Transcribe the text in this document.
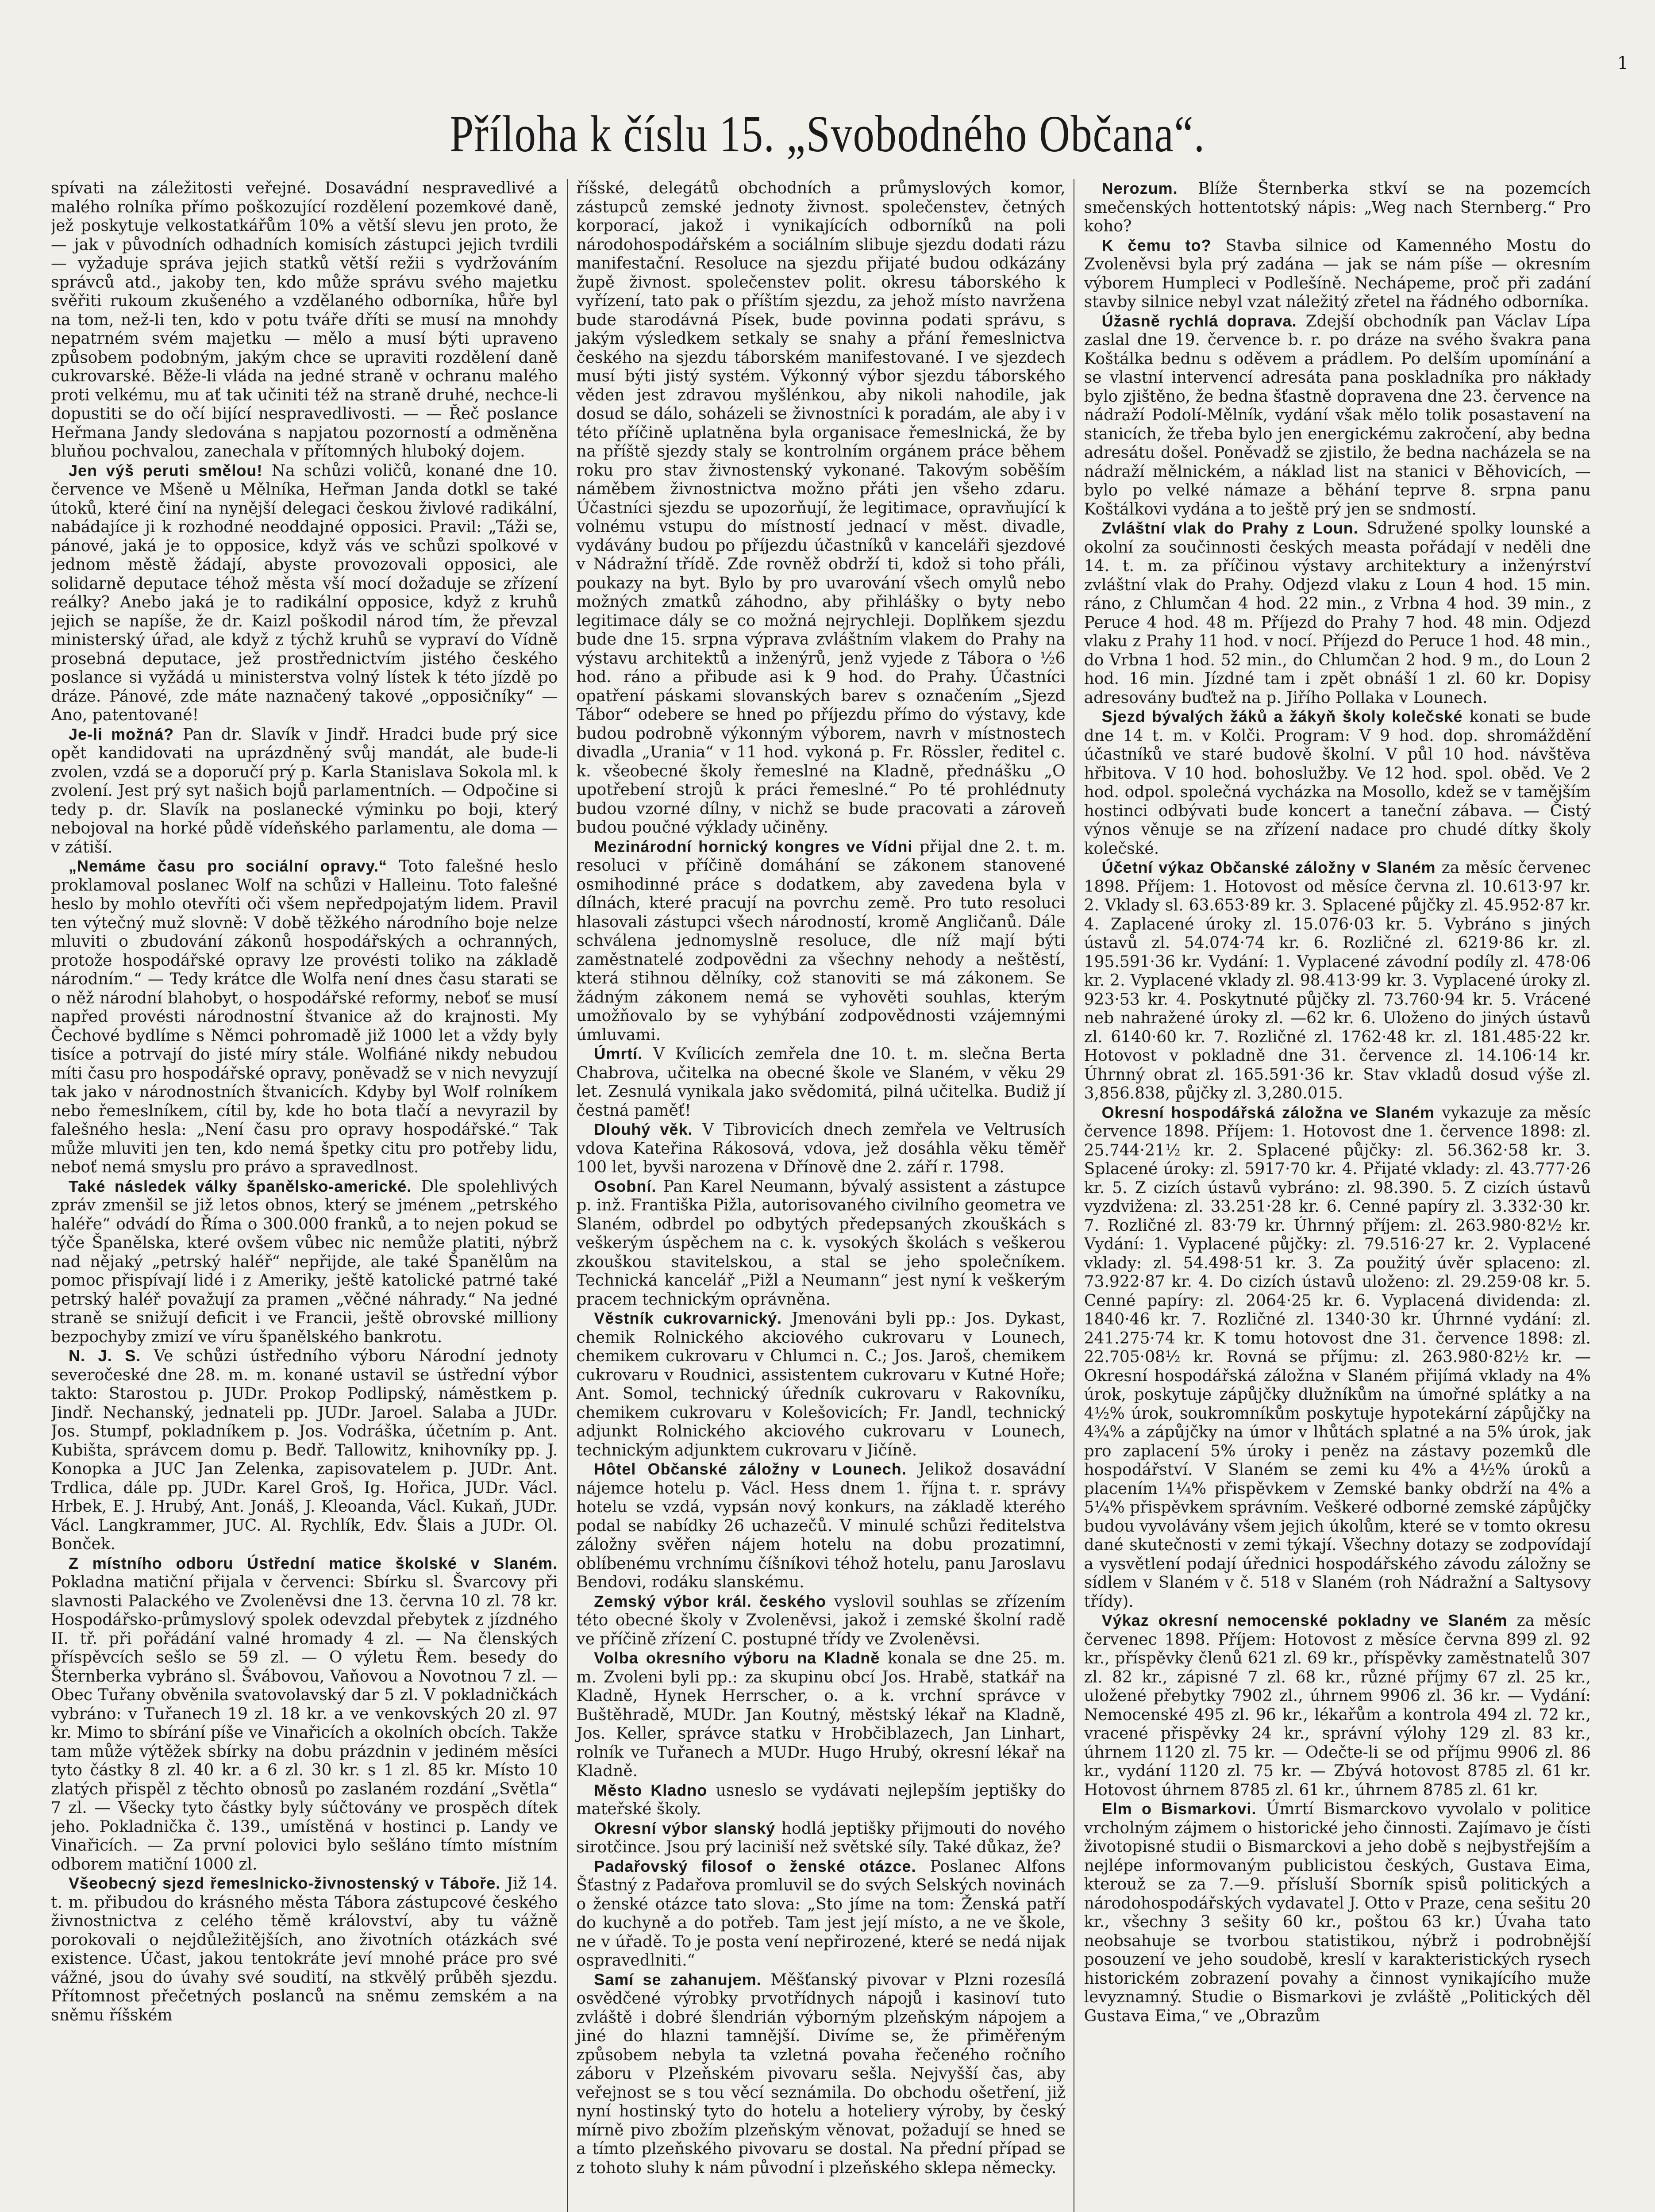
1
Příloha k číslu 15. „Svobodného Občana“.

spívati na záležitosti veřejné. Dosavádní nespravedlivé a malého rolníka přímo poškozující rozdělení pozemkové daně, jež poskytuje velkostatkářům 10% a větší slevu jen proto, že — jak v původních odhadních komisích zástupci jejich tvrdili — vyžaduje správa jejich statků větší režii s vydržováním správců atd., jakoby ten, kdo může správu svého majetku svěřiti rukoum zkušeného a vzdělaného odborníka, hůře byl na tom, než-li ten, kdo v potu tváře dříti se musí na mnohdy nepatrném svém majetku — mělo a musí býti upraveno způsobem podobným, jakým chce se upraviti rozdělení daně cukrovarské. Běže-li vláda na jedné straně v ochranu malého proti velkému, mu ať tak učiniti též na straně druhé, nechce-li dopustiti se do očí bijící nespravedlivosti. — — Řeč poslance Heřmana Jandy sledována s napjatou pozorností a odměněna bluňou pochvalou, zanechala v přítomných hluboký dojem.

Jen výš peruti smělou! Na schůzi voličů, konané dne 10. července ve Mšeně u Mělníka, Heřman Janda dotkl se také útoků, které činí na nynější delegaci českou živlové radikální, nabádajíce ji k rozhodné neoddajné opposici. Pravil: „Táži se, pánové, jaká je to opposice, když vás ve schůzi spolkové v jednom městě žádají, abyste provozovali opposici, ale solidarně deputace téhož města vší mocí dožaduje se zřízení reálky? Anebo jaká je to radikální opposice, když z kruhů jejich se napíše, že dr. Kaizl poškodil národ tím, že převzal ministerský úřad, ale když z týchž kruhů se vypraví do Vídně prosebná deputace, jež prostřednictvím jistého českého poslance si vyžádá u ministerstva volný lístek k této jízdě po dráze. Pánové, zde máte naznačený takové „opposičníky“ — Ano, patentované!

Je-li možná? Pan dr. Slavík v Jindř. Hradci bude prý sice opět kandidovati na uprázdněný svůj mandát, ale bude-li zvolen, vzdá se a doporučí prý p. Karla Stanislava Sokola ml. k zvolení. Jest prý syt našich bojů parlamentních. — Odpočine si tedy p. dr. Slavík na poslanecké výminku po boji, který nebojoval na horké půdě vídeňského parlamentu, ale doma — v zátiší.

„Nemáme času pro sociální opravy.“ Toto falešné heslo proklamoval poslanec Wolf na schůzi v Halleinu. Toto falešné heslo by mohlo otevříti oči všem nepředpojatým lidem. Pravil ten výtečný muž slovně: V době těžkého národního boje nelze mluviti o zbudování zákonů hospodářských a ochranných, protože hospodářské opravy lze provésti toliko na základě národním.“ — Tedy krátce dle Wolfa není dnes času starati se o něž národní blahobyt, o hospodářské reformy, neboť se musí napřed provésti národnostní štvanice až do krajnosti. My Čechové bydlíme s Němci pohromadě již 1000 let a vždy byly tisíce a potrvají do jisté míry stále. Wolfiáné nikdy nebudou míti času pro hospodářské opravy, poněvadž se v nich nevyzují tak jako v národnostních štvanicích. Kdyby byl Wolf rolníkem nebo řemeslníkem, cítil by, kde ho bota tlačí a nevyrazil by falešného hesla: „Není času pro opravy hospodářské.“ Tak může mluviti jen ten, kdo nemá špetky citu pro potřeby lidu, neboť nemá smyslu pro právo a spravedlnost.

Také následek války španělsko-americké. Dle spolehlivých zpráv zmenšil se již letos obnos, který se jménem „petrského haléře“ odvádí do Říma o 300.000 franků, a to nejen pokud se týče Španělska, které ovšem vůbec nic nemůže platiti, nýbrž nad nějaký „petrský haléř“ nepřijde, ale také Španělům na pomoc přispívají lidé i z Ameriky, ještě katolické patrné také petrský haléř považují za pramen „věčné náhrady.“ Na jedné straně se snižují deficit i ve Francii, ještě obrovské milliony bezpochyby zmizí ve víru španělského bankrotu.

N. J. S. Ve schůzi ústředního výboru Národní jednoty severočeské dne 28. m. m. konané ustavil se ústřední výbor takto: Starostou p. JUDr. Prokop Podlipský, náměstkem p. Jindř. Nechanský, jednateli pp. JUDr. Jaroel. Salaba a JUDr. Jos. Stumpf, pokladníkem p. Jos. Vodráška, účetním p. Ant. Kubišta, správcem domu p. Bedř. Tallowitz, knihovníky pp. J. Konopka a JUC Jan Zelenka, zapisovatelem p. JUDr. Ant. Trdlica, dále pp. JUDr. Karel Groš, Ig. Hořica, JUDr. Václ. Hrbek, E. J. Hrubý, Ant. Jonáš, J. Kleoanda, Václ. Kukaň, JUDr. Václ. Langkrammer, JUC. Al. Rychlík, Edv. Šlais a JUDr. Ol. Bonček.

Z místního odboru Ústřední matice školské v Slaném. Pokladna matiční přijala v červenci: Sbírku sl. Švarcovy při slavnosti Palackého ve Zvoleněvsi dne 13. června 10 zl. 78 kr. Hospodářsko-průmyslový spolek odevzdal přebytek z jízdného II. tř. při pořádání valné hromady 4 zl. — Na členských příspěvcích sešlo se 59 zl. — O výletu Řem. besedy do Šternberka vybráno sl. Švábovou, Vaňovou a Novotnou 7 zl. — Obec Tuřany obvěnila svatovolavský dar 5 zl. V pokladničkách vybráno: v Tuřanech 19 zl. 18 kr. a ve venkovských 20 zl. 97 kr. Mimo to sbírání píše ve Vinařicích a okolních obcích. Takže tam může výtěžek sbírky na dobu prázdnin v jediném měsíci tyto částky 8 zl. 40 kr. a 6 zl. 30 kr. s 1 zl. 85 kr. Místo 10 zlatých přispěl z těchto obnosů po zaslaném rozdání „Světla“ 7 zl. — Všecky tyto částky byly súčtovány ve prospěch dítek jeho. Pokladnička č. 139., umístěná v hostinci p. Landy ve Vinařicích. — Za první polovici bylo sešláno tímto místním odborem matiční 1000 zl.

Všeobecný sjezd řemeslnicko-živnostenský v Táboře. Již 14. t. m. přibudou do krásného města Tábora zástupcové českého živnostnictva z celého těmě království, aby tu vážně porokovali o nejdůležitějších, ano životních otázkách své existence. Účast, jakou tentokráte jeví mnohé práce pro své vážné, jsou do úvahy své soudití, na stkvělý průběh sjezdu. Přítomnost přečetných poslanců na sněmu zemském a na sněmu říšském

říšské, delegátů obchodních a průmyslových komor, zástupců zemské jednoty živnost. společenstev, četných korporací, jakož i vynikajících odborníků na poli národohospodářském a sociálním slibuje sjezdu dodati rázu manifestační. Resoluce na sjezdu přijaté budou odkázány župě živnost. společenstev polit. okresu táborského k vyřízení, tato pak o příštím sjezdu, za jehož místo navržena bude starodávná Písek, bude povinna podati správu, s jakým výsledkem setkaly se snahy a přání řemeslnictva českého na sjezdu táborském manifestované. I ve sjezdech musí býti jistý systém. Výkonný výbor sjezdu táborského věden jest zdravou myšlénkou, aby nikoli nahodile, jak dosud se dálo, soházeli se živnostníci k poradám, ale aby i v této příčině uplatněna byla organisace řemeslnická, že by na příště sjezdy staly se kontrolním orgánem práce během roku pro stav živnostenský vykonané. Takovým soběším náměbem živnostnictva možno přáti jen všeho zdaru. Účastníci sjezdu se upozorňují, že legitimace, opravňující k volnému vstupu do místností jednací v měst. divadle, vydávány budou po příjezdu účastníků v kanceláři sjezdové v Nádražní třídě. Zde rovněž obdrží ti, kdož si toho přáli, poukazy na byt. Bylo by pro uvarování všech omylů nebo možných zmatků záhodno, aby přihlášky o byty nebo legitimace dály se co možná nejrychleji. Doplňkem sjezdu bude dne 15. srpna výprava zvláštním vlakem do Prahy na výstavu architektů a inženýrů, jenž vyjede z Tábora o ½6 hod. ráno a přibude asi k 9 hod. do Prahy. Účastníci opatření páskami slovanských barev s označením „Sjezd Tábor“ odebere se hned po příjezdu přímo do výstavy, kde budou podrobně výkonným výborem, navrh v místnostech divadla „Urania“ v 11 hod. vykoná p. Fr. Rössler, ředitel c. k. všeobecné školy řemeslné na Kladně, přednášku „O upotřebení strojů k práci řemeslné.“ Po té prohlédnuty budou vzorné dílny, v nichž se bude pracovati a zároveň budou poučné výklady učiněny.

Mezinárodní hornický kongres ve Vídni přijal dne 2. t. m. resoluci v příčině domáhání se zákonem stanovené osmihodinné práce s dodatkem, aby zavedena byla v dílnách, které pracují na povrchu země. Pro tuto resoluci hlasovali zástupci všech národností, kromě Angličanů. Dále schválena jednomyslně resoluce, dle níž mají býti zaměstnatelé zodpovědni za všechny nehody a neštěstí, která stihnou dělníky, což stanoviti se má zákonem. Se žádným zákonem nemá se vyhověti souhlas, kterým umožňovalo by se vyhýbání zodpovědnosti vzájemnými úmluvami.

Úmrtí. V Kvílicích zemřela dne 10. t. m. slečna Berta Chabrova, učitelka na obecné škole ve Slaném, v věku 29 let. Zesnulá vynikala jako svědomitá, pilná učitelka. Budiž jí čestná paměť!

Dlouhý věk. V Tibrovicích dnech zemřela ve Veltrusích vdova Kateřina Rákosová, vdova, jež dosáhla věku těměř 100 let, byvši narozena v Dřínově dne 2. září r. 1798.

Osobní. Pan Karel Neumann, bývalý assistent a zástupce p. inž. Františka Pižla, autorisovaného civilního geometra ve Slaném, odbrdel po odbytých předepsaných zkouškách s veškerým úspěchem na c. k. vysokých školách s veškerou zkouškou stavitelskou, a stal se jeho společníkem. Technická kancelář „Pižl a Neumann“ jest nyní k veškerým pracem technickým oprávněna.

Věstník cukrovarnický. Jmenováni byli pp.: Jos. Dykast, chemik Rolnického akciového cukrovaru v Lounech, chemikem cukrovaru v Chlumci n. C.; Jos. Jaroš, chemikem cukrovaru v Roudnici, assistentem cukrovaru v Kutné Hoře; Ant. Somol, technický úředník cukrovaru v Rakovníku, chemikem cukrovaru v Kolešovicích; Fr. Jandl, technický adjunkt Rolnického akciového cukrovaru v Lounech, technickým adjunktem cukrovaru v Jičíně.

Hôtel Občanské záložny v Lounech. Jelikož dosavádní nájemce hotelu p. Václ. Hess dnem 1. října t. r. správy hotelu se vzdá, vypsán nový konkurs, na základě kterého podal se nabídky 26 uchazečů. V minulé schůzi ředitelstva záložny svěřen nájem hotelu na dobu prozatimní, oblíbenému vrchnímu číšníkovi téhož hotelu, panu Jaroslavu Bendovi, rodáku slanskému.

Zemský výbor král. českého vyslovil souhlas se zřízením této obecné školy v Zvoleněvsi, jakož i zemské školní radě ve příčině zřízení C. postupné třídy ve Zvoleněvsi.

Volba okresního výboru na Kladně konala se dne 25. m. m. Zvoleni byli pp.: za skupinu obcí Jos. Hrabě, statkář na Kladně, Hynek Herrscher, o. a k. vrchní správce v Buštěhradě, MUDr. Jan Koutný, městský lékař na Kladně, Jos. Keller, správce statku v Hrobčiblazech, Jan Linhart, rolník ve Tuřanech a MUDr. Hugo Hrubý, okresní lékař na Kladně.

Město Kladno usneslo se vydávati nejlepším jeptišky do mateřské školy.

Okresní výbor slanský hodlá jeptišky přijmouti do nového sirotčince. Jsou prý laciniší než světské síly. Také důkaz, že?

Padařovský filosof o ženské otázce. Poslanec Alfons Šťastný z Padařova promluvil se do svých Selských novinách o ženské otázce tato slova: „Sto jíme na tom: Ženská patří do kuchyně a do potřeb. Tam jest její místo, a ne ve škole, ne v úřadě. To je posta vení nepřirozené, které se nedá nijak ospravedlniti.“

Samí se zahanujem. Měšťanský pivovar v Plzni rozesílá osvědčené výrobky prvotřídnych nápojů i kasinoví tuto zvláště i dobré šlendrián výborným plzeňským nápojem a jiné do hlazni tamnější. Divíme se, že přiměřeným způsobem nebyla ta vzletná povaha řečeného ročního záboru v Plzeňském pivovaru sešla. Nejvyšší čas, aby veřejnost se s tou věcí seznámila. Do obchodu ošetření, již nyní hostinský tyto do hotelu a hoteliery výroby, by český mírně pivo zbožím plzeňským věnovat, požadují se hned se a tímto plzeňského pivovaru se dostal. Na přední případ se z tohoto sluhy k nám původní i plzeňského sklepa německy.

Nerozum. Blíže Šternberka stkví se na pozemcích smečenských hottentotský nápis: „Weg nach Sternberg.“ Pro koho?

K čemu to? Stavba silnice od Kamenného Mostu do Zvoleněvsi byla prý zadána — jak se nám píše — okresním výborem Humpleci v Podlešíně. Nechápeme, proč při zadání stavby silnice nebyl vzat náležitý zřetel na řádného odborníka.

Úžasně rychlá doprava. Zdejší obchodník pan Václav Lípa zaslal dne 19. července b. r. po dráze na svého švakra pana Koštálka bednu s oděvem a prádlem. Po delším upomínání a se vlastní intervencí adresáta pana poskladníka pro nákłady bylo zjištěno, že bedna šťastně dopravena dne 23. července na nádraží Podolí-Mělník, vydání však mělo tolik posastavení na stanicích, že třeba bylo jen energickému zakročení, aby bedna adresátu došel. Poněvadž se zjistilo, že bedna nacházela se na nádraží mělnickém, a náklad list na stanici v Běhovicích, — bylo po velké námaze a běhání teprve 8. srpna panu Koštálkovi vydána a to ještě prý jen se sndmostí.

Zvláštní vlak do Prahy z Loun. Sdružené spolky lounské a okolní za součinnosti českých measta pořádají v neděli dne 14. t. m. za příčinou výstavy architektury a inženýrství zvláštní vlak do Prahy. Odjezd vlaku z Loun 4 hod. 15 min. ráno, z Chlumčan 4 hod. 22 min., z Vrbna 4 hod. 39 min., z Peruce 4 hod. 48 m. Příjezd do Prahy 7 hod. 48 min. Odjezd vlaku z Prahy 11 hod. v nocí. Příjezd do Peruce 1 hod. 48 min., do Vrbna 1 hod. 52 min., do Chlumčan 2 hod. 9 m., do Loun 2 hod. 16 min. Jízdné tam i zpět obnáší 1 zl. 60 kr. Dopisy adresovány buďtež na p. Jiřího Pollaka v Lounech.

Sjezd bývalých žáků a žákyň školy kolečské konati se bude dne 14 t. m. v Kolči. Program: V 9 hod. dop. shromáždění účastníků ve staré budově školní. V půl 10 hod. návštěva hřbitova. V 10 hod. bohoslužby. Ve 12 hod. spol. oběd. Ve 2 hod. odpol. společná vycházka na Mosollo, kdež se v tamějším hostinci odbývati bude koncert a taneční zábava. — Čistý výnos věnuje se na zřízení nadace pro chudé dítky školy kolečské.

Účetní výkaz Občanské záložny v Slaném za měsíc červenec 1898. Příjem: 1. Hotovost od měsíce června zl. 10.613·97 kr. 2. Vklady sl. 63.653·89 kr. 3. Splacené půjčky zl. 45.952·87 kr. 4. Zaplacené úroky zl. 15.076·03 kr. 5. Vybráno s jiných ústavů zl. 54.074·74 kr. 6. Rozličné zl. 6219·86 kr. zl. 195.591·36 kr. Vydání: 1. Vyplacené závodní podíly zl. 478·06 kr. 2. Vyplacené vklady zl. 98.413·99 kr. 3. Vyplacené úroky zl. 923·53 kr. 4. Poskytnuté půjčky zl. 73.760·94 kr. 5. Vrácené neb nahražené úroky zl. —62 kr. 6. Uloženo do jiných ústavů zl. 6140·60 kr. 7. Rozličné zl. 1762·48 kr. zl. 181.485·22 kr. Hotovost v pokladně dne 31. července zl. 14.106·14 kr. Úhrnný obrat zl. 165.591·36 kr. Stav vkladů dosud výše zl. 3,856.838, půjčky zl. 3,280.015.

Okresní hospodářská záložna ve Slaném vykazuje za měsíc července 1898. Příjem: 1. Hotovost dne 1. července 1898: zl. 25.744·21½ kr. 2. Splacené půjčky: zl. 56.362·58 kr. 3. Splacené úroky: zl. 5917·70 kr. 4. Přijaté vklady: zl. 43.777·26 kr. 5. Z cizích ústavů vybráno: zl. 98.390. 5. Z cizích ústavů vyzdvižena: zl. 33.251·28 kr. 6. Cenné papíry zl. 3.332·30 kr. 7. Rozličné zl. 83·79 kr. Úhrnný příjem: zl. 263.980·82½ kr. Vydání: 1. Vyplacené půjčky: zl. 79.516·27 kr. 2. Vyplacené vklady: zl. 54.498·51 kr. 3. Za použitý úvěr splaceno: zl. 73.922·87 kr. 4. Do cizích ústavů uloženo: zl. 29.259·08 kr. 5. Cenné papíry: zl. 2064·25 kr. 6. Vyplacená dividenda: zl. 1840·46 kr. 7. Rozličné zl. 1340·30 kr. Úhrnné vydání: zl. 241.275·74 kr. K tomu hotovost dne 31. července 1898: zl. 22.705·08½ kr. Rovná se příjmu: zl. 263.980·82½ kr. — Okresní hospodářská záložna v Slaném přijímá vklady na 4% úrok, poskytuje zápůjčky dlužníkům na úmořné splátky a na 4½% úrok, soukromníkům poskytuje hypotekární zápůjčky na 4¾% a zápůjčky na úmor v lhůtách splatné a na 5% úrok, jak pro zaplacení 5% úroky i peněz na zástavy pozemků dle hospodářství. V Slaném se zemi ku 4% a 4½% úroků a placením 1¼% přispěvkem v Zemské banky obdrží na 4% a 5¼% přispěvkem správním. Veškeré odborné zemské zápůjčky budou vyvolávány všem jejich úkolům, které se v tomto okresu dané skutečnosti v zemi týkají. Všechny dotazy se zodpovídají a vysvětlení podají úřednici hospodářského závodu záložny se sídlem v Slaném v č. 518 v Slaném (roh Nádražní a Saltysovy třídy).

Výkaz okresní nemocenské pokladny ve Slaném za měsíc červenec 1898. Příjem: Hotovost z měsíce června 899 zl. 92 kr., příspěvky členů 621 zl. 69 kr., příspěvky zaměstnatelů 307 zl. 82 kr., zápisné 7 zl. 68 kr., různé příjmy 67 zl. 25 kr., uložené přebytky 7902 zl., úhrnem 9906 zl. 36 kr. — Vydání: Nemocenské 495 zl. 96 kr., lékařům a kontrola 494 zl. 72 kr., vracené přispěvky 24 kr., správní výlohy 129 zl. 83 kr., úhrnem 1120 zl. 75 kr. — Odečte-li se od příjmu 9906 zl. 86 kr., vydání 1120 zl. 75 kr. — Zbývá hotovost 8785 zl. 61 kr. Hotovost úhrnem 8785 zl. 61 kr., úhrnem 8785 zl. 61 kr.

Elm o Bismarkovi. Úmrtí Bismarckovo vyvolalo v politice vrcholným zájmem o historické jeho činnosti. Zajímavo je čísti životopisné studii o Bismarckovi a jeho době s nejbystřejším a nejlépe informovaným publicistou českých, Gustava Eima, kterouž se za 7.—9. přísluší Sborník spisů politických a národohospodářských vydavatel J. Otto v Praze, cena sešitu 20 kr., všechny 3 sešity 60 kr., poštou 63 kr.) Úvaha tato neobsahuje se tvorbou statistikou, nýbrž i podrobnější posouzení ve jeho soudobě, kreslí v karakteristických rysech historickém zobrazení povahy a činnost vynikajícího muže levyznamný. Studie o Bismarkovi je zvláště „Politických děl Gustava Eima,“ ve „Obrazům
